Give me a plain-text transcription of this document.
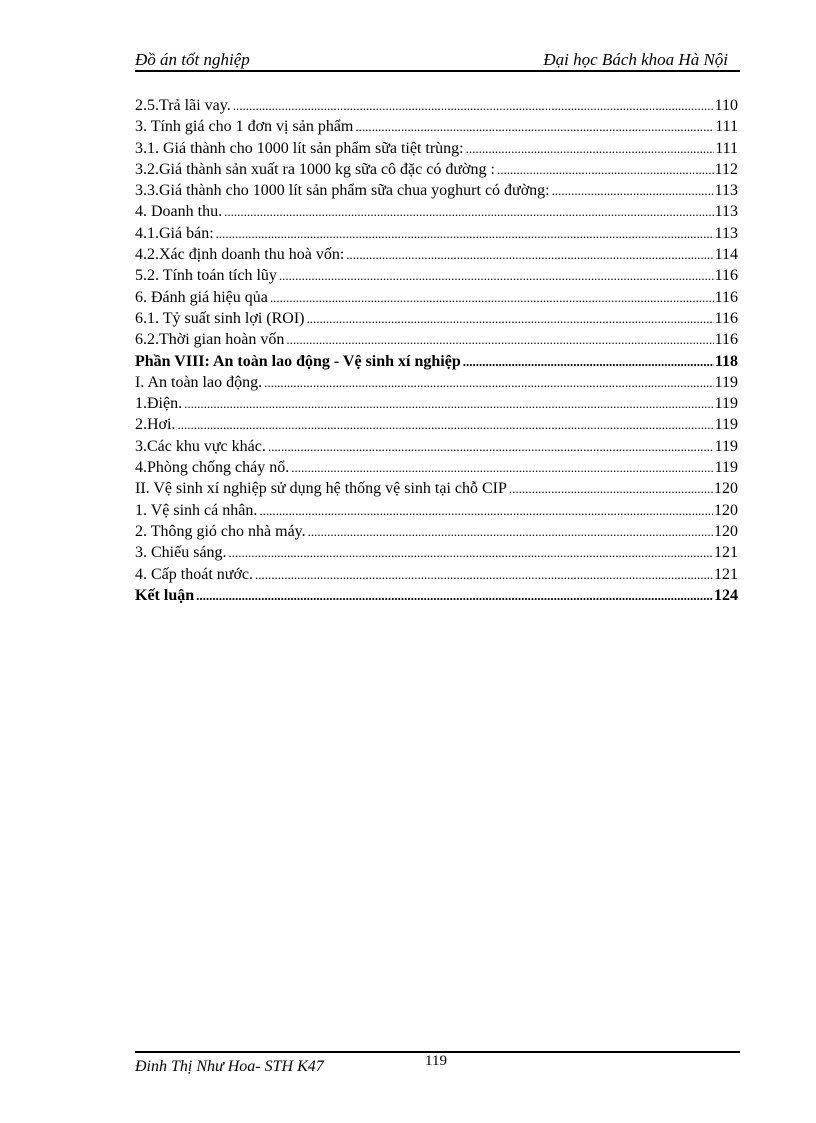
Đồ án tốt nghiệp	Đại học Bách khoa Hà Nội
2.5.Trả lãi vay. .....	110
3. Tính giá cho 1 đơn vị sản phẩm .....	111
3.1. Giá thành cho 1000 lít sản phẩm sữa tiệt trùng: .....	111
3.2.Giá thành sản xuất ra 1000 kg sữa cô đặc có đường : .....	112
3.3.Giá thành cho 1000 lít sản phẩm sữa chua yoghurt có đường: .....	113
4. Doanh thu. .....	113
4.1.Giá bán: .....	113
4.2.Xác định doanh thu hoà vốn: .....	114
5.2. Tính toán tích lũy .....	116
6. Đánh giá hiệu qủa .....	116
6.1. Tỷ suất sinh lợi (ROI) .....	116
6.2.Thời gian hoàn vốn .....	116
Phần VIII: An toàn lao động - Vệ sinh xí nghiệp .....	118
I. An toàn lao động. .....	119
1.Điện. .....	119
2.Hơi. .....	119
3.Các khu vực khác. .....	119
4.Phòng chống cháy nổ. .....	119
II. Vệ sinh xí nghiệp sử dụng hệ thống vệ sinh tại chỗ CIP .....	120
1. Vệ sinh cá nhân. .....	120
2. Thông gió cho nhà máy. .....	120
3. Chiếu sáng. .....	121
4. Cấp thoát nước. .....	121
Kết luận .....	124
Đinh Thị Như Hoa- STH K47	119
